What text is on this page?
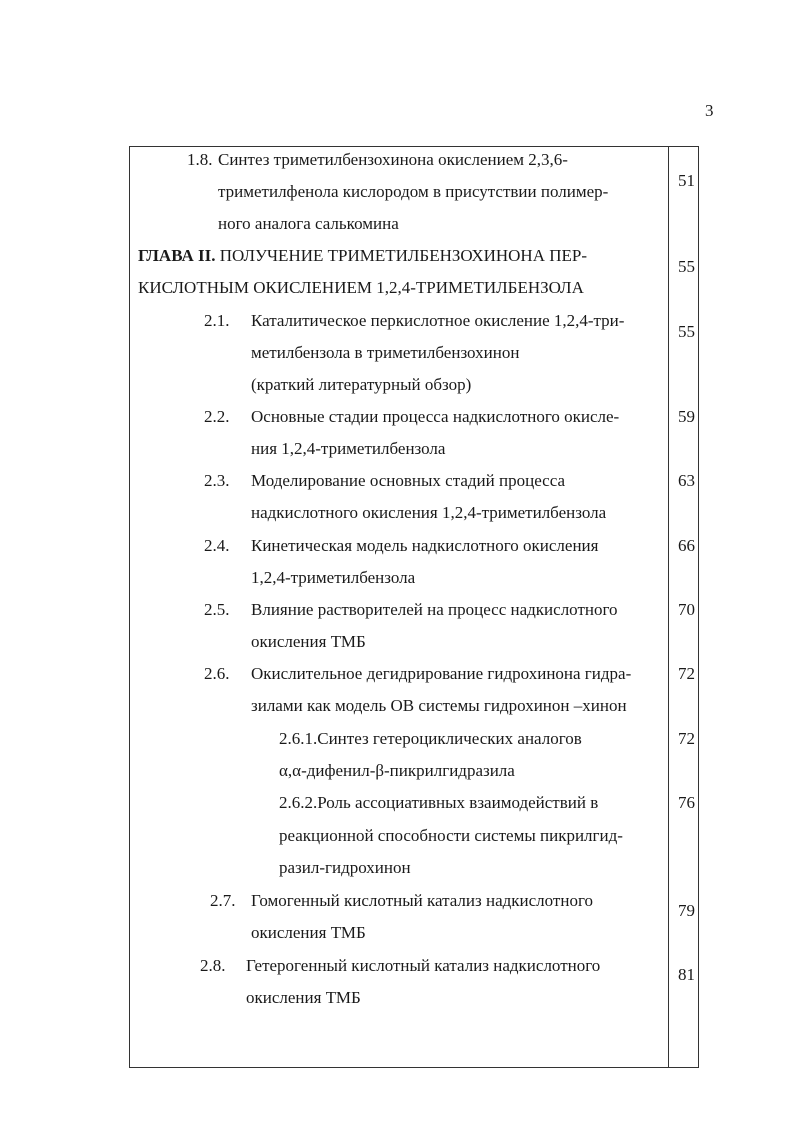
3
1.8. Синтез триметилбензохинона окислением 2,3,6-
триметилфенола кислородом в присутствии полимер-
ного аналога салькомина
51
ГЛАВА II. ПОЛУЧЕНИЕ ТРИМЕТИЛБЕНЗОХИНОНА ПЕР-
КИСЛОТНЫМ ОКИСЛЕНИЕМ 1,2,4-ТРИМЕТИЛБЕНЗОЛА
55
2.1. Каталитическое перкислотное окисление 1,2,4-три-
метилбензола в триметилбензохинон
(краткий литературный обзор)
55
2.2. Основные стадии процесса надкислотного окисле-
ния 1,2,4-триметилбензола
59
2.3. Моделирование основных стадий процесса
надкислотного окисления 1,2,4-триметилбензола
63
2.4. Кинетическая модель надкислотного окисления
1,2,4-триметилбензола
66
2.5. Влияние растворителей на процесс надкислотного
окисления ТМБ
70
2.6. Окислительное дегидрирование гидрохинона гидра-
зилами как модель ОВ системы гидрохинон –хинон
72
2.6.1.Синтез гетероциклических аналогов
α,α-дифенил-β-пикрилгидразила
72
2.6.2.Роль ассоциативных взаимодействий в
реакционной способности системы пикрилгид-
разил-гидрохинон
76
2.7. Гомогенный кислотный катализ надкислотного
окисления ТМБ
79
2.8. Гетерогенный кислотный катализ надкислотного
окисления ТМБ
81
